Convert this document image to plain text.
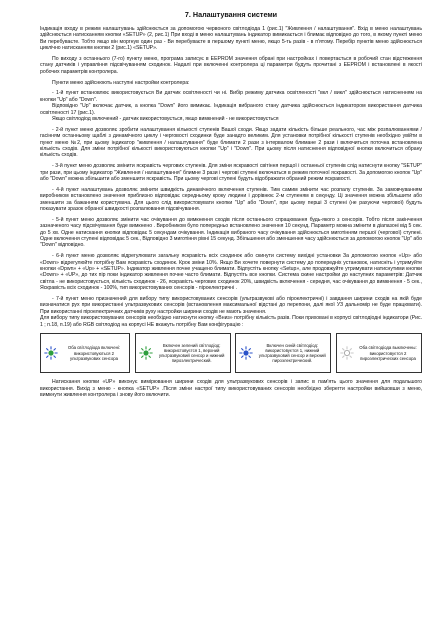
7. Налаштування системи

Індикація входу в режим налаштувань здійснюється за допомогою червоного світлодіода 1 (рис.1) "Живлення / налаштування". Вхід в меню налаштувань здійснюється натисканням кнопки «SETUP» (2, рис.1) При вході в меню налаштувань індикатор вимикається і блимає відповідно до того, в якому пункті меню Ви перебуваєте. Тобто якщо він моргнув один раз - Ви перебуваєте в першому пункті меню, якщо 5-ть разів - в п'ятому. Перебір пунктів меню здійснюється циклічно натисканням кнопки 2 (рис.1) «SETUP».

По виходу з останнього (7-го) пункту меню, програма записує в EEPROM значення обрані при настройках і повертається в робочий стан відстеження стану датчиків і управління підсвічуванням сходинок. Надалі при включенні контролера ці параметри будуть прочитані з EEPROM і встановлені в якості робочих параметрів контролера.

Пункти меню здійснюють наступні настройки контролера:

- 1-й пункт встановлює використовується Ви датчик освітленості чи ні. Вибір режиму датчика освітленості "вкл / викл" здійснюється натисненням на кнопки "Up" або "Down".

Відповідно "Up" включає датчик, а кнопка "Down" його вимикає. Індикація вибраного стану датчика здійснюється індикатором використання датчика освітленості 17 (рис.1).

Якщо світлодіод включений - датчик використовується, якщо вимкнений - не використовується

- 2-й пункт меню дозволяє зробити налаштування кількості ступенів Вашої сходи. Якщо задати кількість більше реального, час між розпалюваннями / гасінням останньому щаблі з динамічного циклу і черговості сходинки буде занадто великим. Для установки потрібної кількості ступенів необхідно увійти в пункт меню №2, при цьому індикатор "живлення / налаштування" буде блимати 2 рази з інтервалом блимане 2 рази і включиться поточна встановлена кількість сходів. Для зміни потрібної кількості використовуються кнопки "Up" і "Down". При цьому після натиснення відповідної кнопки включиться обрану кількість сходів.

- 3-й пункт меню дозволяє змінити яскравість чергових ступенів. Для зміни яскравості світіння перщої і останньої ступенів слід натиснути кнопку "SETUP" три рази, при цьому індикатор "Живлення / налаштування" блимне 3 рази і чергові ступені включаться в режим поточної яскравості. За допомогою кнопок "Up" або "Down" можна збільшити або зменшити яскравість. При цьому чергові ступені будуть відображати обраний режим яскравості.

- 4-й пункт налаштувань дозволяє змінити швидкість динамічного включення ступенів. Тим самим змінити час розпалу ступенів. За замовчуванням виробником встановлено значення приблизно відповідає середньому кроку людини і дорівнює 2-м ступеням в секунду. Ці значення можна збільшити або зменшити за бажанням користувача. Для цього слід використовувати кнопки "Up" або "Down", при цьому перші 3 ступені (не рахуючи чергової) будуть показувати зразок обраної швидкості розпалювання підсвічування.

- 5-й пункт меню дозволяє змінити час очікування до вимкнення сходів після останнього спрацювання будь-якого з сенсорів. Тобто після закінчення зазначеного часу підсвічування буде вимкнено . Виробником було попередньо встановлено значення 10 секунд. Параметр можна змінити в діапазоні від 5 сек. до 5 хв. Одне натискання кнопки відповідає 5 секундам очікування. Індикація вибраного часу очікування здійснюється миготінням першої (чергової) ступені. Одне включення ступені відповідає 5 сек., Відповідно 3 миготіння рівні 15 секунд. Збільшення або зменшення часу здійснюється за допомогою кнопок "Up" або "Down" відповідно.

- 6-й пункт меню дозволяє відрегулювати загальну яскравість всіх сходинок або скинути систему вихідні установки За допомогою кнопок «Up» або «Down» відрегулюйте потрібну Вам яскравість сходинок. Крок зміни 10%. Якщо Ви хочете повернути систему до попередніх установок, натисніть і утримуйте кнопки «Dpwn» + «Up» + «SETUP». Індикатор живлення почне учащено блимати. Відпустіть кнопку «Setup», але продовжуйте утримувати натиснутими кнопки «Down» + «UP», до тих пір поки індикатор живлення почне часто блимати. Відпустіть все кнопки. Система скине настройки до наступних параметрів: Датчик світла - не використовується, кількість сходинок - 26, яскравість чергових сходинок 20%, швидкість включення - середня, час очікування до вимкнення - 5 сек., Яскравість всіх сходинок - 100%, тип використовуваних сенсорів - піроелектричні .

- 7-й пункт меню призначений для вибору типу використовуваних сенсорів (ультразвукові або піроелектричні) і завдання ширини сходів на якій буде визначатися рух при використанні ультразвукових сенсорів (встановлення максимальної відстані до перепони, далі якої УЗ дальномір не буде працювати). При використанні піроелектричних датчиків руху настройки ширини сходів не мають значення.

Для вибору типу використовуваних сенсорів необхідно натиснути кнопку «Вниз» потрібну кількість разів. Поки приховані в корпусі світлодіодні індикатори (Рис. 1 ; п.18, п.19) або RGB світлодіод на корпусі НЕ вкажуть потрібну Вам конфігурацію :

Оба світлодіода включені: використовуються 2 ультразвукових сенсора
Включен зелений світлодіод: використовуєтся 1, верхний ультразвуковий сенсор и нижний пироэлектрический.
Включен синій світлодіод: використовуєтся 1, нижний ультразвуковий сенсор и верхний пироэлектрический.
Оба світлодіода выключены: використовуєтся 2 пироэлектрических сенсора

Натискання кнопки «UP» виконує вимірювання ширини сходів для ультразвукових сенсорів і запис в пам'ять цього значення для подальшого використання. Вихід з меню - кнопка «SETUP» .Після зміни настрої типу використовуваних сенсорів необхідно зберегти настройки вийшовши з меню, вимкнути живлення контролера і знову його включити.
